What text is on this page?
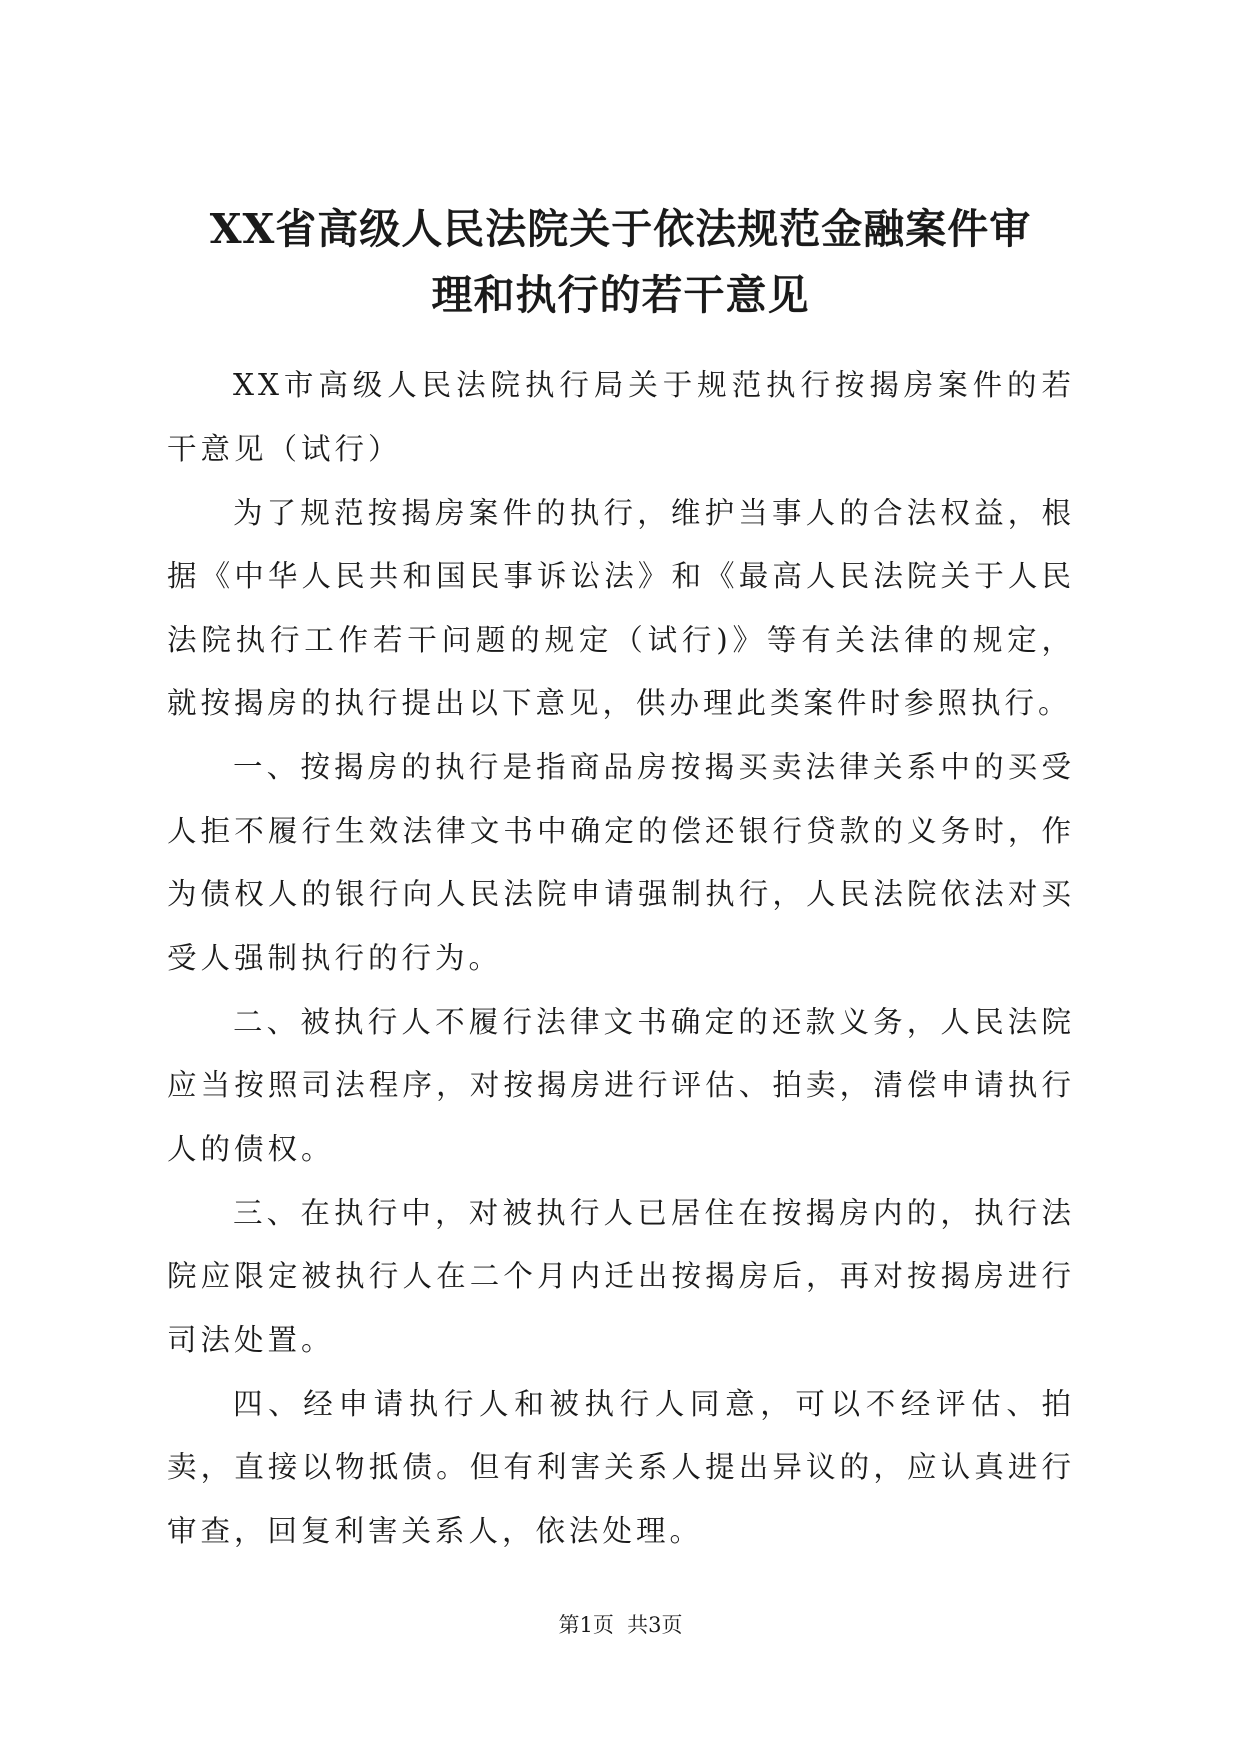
XX省高级人民法院关于依法规范金融案件审
理和执行的若干意见

XX市高级人民法院执行局关于规范执行按揭房案件的若干意见（试行）

为了规范按揭房案件的执行，维护当事人的合法权益，根据《中华人民共和国民事诉讼法》和《最高人民法院关于人民法院执行工作若干问题的规定（试行)》等有关法律的规定，就按揭房的执行提出以下意见，供办理此类案件时参照执行。

一、按揭房的执行是指商品房按揭买卖法律关系中的买受人拒不履行生效法律文书中确定的偿还银行贷款的义务时，作为债权人的银行向人民法院申请强制执行，人民法院依法对买受人强制执行的行为。

二、被执行人不履行法律文书确定的还款义务，人民法院应当按照司法程序，对按揭房进行评估、拍卖，清偿申请执行人的债权。

三、在执行中，对被执行人已居住在按揭房内的，执行法院应限定被执行人在二个月内迁出按揭房后，再对按揭房进行司法处置。

四、经申请执行人和被执行人同意，可以不经评估、拍卖，直接以物抵债。但有利害关系人提出异议的，应认真进行审查，回复利害关系人，依法处理。

第1页  共3页
